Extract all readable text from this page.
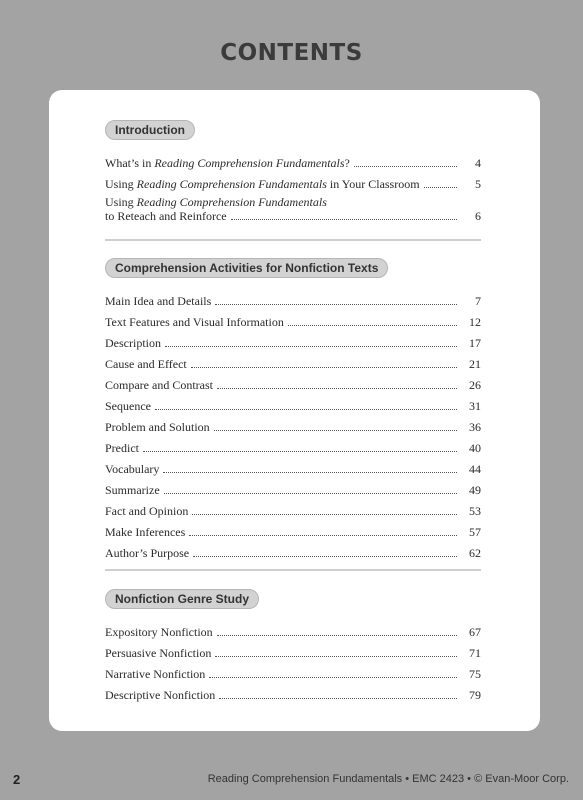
CONTENTS
Introduction
What’s in Reading Comprehension Fundamentals?	4
Using Reading Comprehension Fundamentals in Your Classroom	5
Using Reading Comprehension Fundamentals
to Reteach and Reinforce	6
Comprehension Activities for Nonfiction Texts
Main Idea and Details	7
Text Features and Visual Information	12
Description	17
Cause and Effect	21
Compare and Contrast	26
Sequence	31
Problem and Solution	36
Predict	40
Vocabulary	44
Summarize	49
Fact and Opinion	53
Make Inferences	57
Author’s Purpose	62
Nonfiction Genre Study
Expository Nonfiction	67
Persuasive Nonfiction	71
Narrative Nonfiction	75
Descriptive Nonfiction	79
2	Reading Comprehension Fundamentals • EMC 2423 • © Evan-Moor Corp.
